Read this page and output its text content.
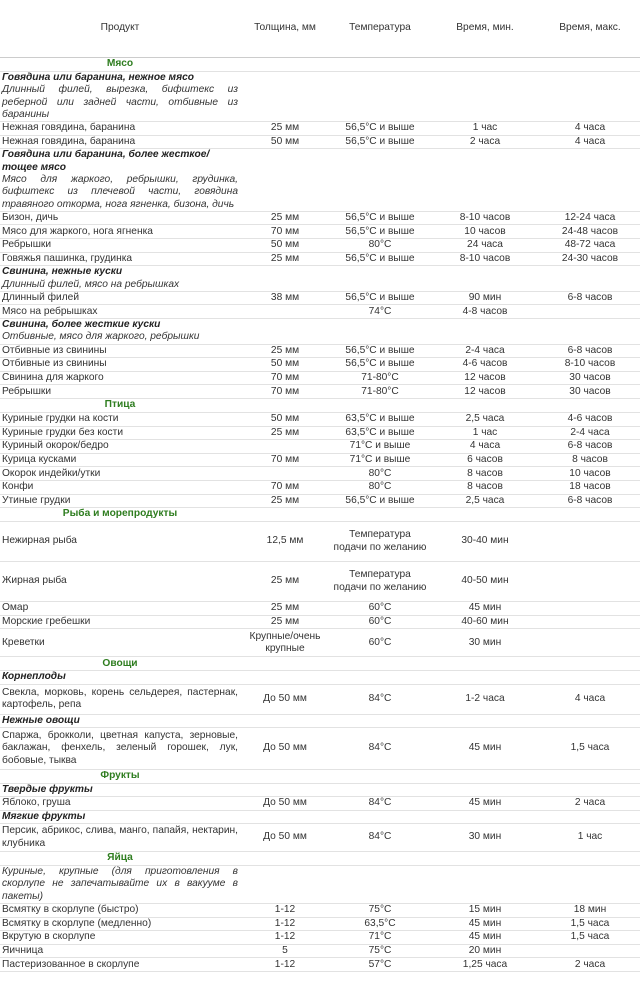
Продукт	Толщина, мм	Температура	Время, мин.	Время, макс.
Мясо				

Говядина или баранина, нежное мясо
Длинный филей, вырезка, бифштекс из реберной или задней части, отбивные из баранины				

Нежная говядина, баранина	25 мм	56,5°С и выше	1 час	4 часа
Нежная говядина, баранина	50 мм	56,5°С и выше	2 часа	4 часа

Говядина или баранина, более жесткое/ тощее мясо
Мясо для жаркого, ребрышки, грудинка, бифштекс из плечевой части, говядина травяного откорма, нога ягненка, бизона, дичь				

Бизон, дичь	25 мм	56,5°С и выше	8-10 часов	12-24 часа
Мясо для жаркого, нога ягненка	70 мм	56,5°С и выше	10 часов	24-48 часов
Ребрышки	50 мм	80°С	24 часа	48-72 часа
Говяжья пашинка, грудинка	25 мм	56,5°С и выше	8-10 часов	24-30 часов

Свинина, нежные куски
Длинный филей, мясо на ребрышках				

Длинный филей	38 мм	56,5°С и выше	90 мин	6-8 часов
Мясо на ребрышках		74°С	4-8 часов	

Свинина, более жесткие куски
Отбивные, мясо для жаркого, ребрышки				

Отбивные из свинины	25 мм	56,5°С и выше	2-4 часа	6-8 часов
Отбивные из свинины	50 мм	56,5°С и выше	4-6 часов	8-10 часов
Свинина для жаркого	70 мм	71-80°С	12 часов	30 часов
Ребрышки	70 мм	71-80°С	12 часов	30 часов
Птица				
Куриные грудки на кости	50 мм	63,5°С и выше	2,5 часа	4-6 часов
Куриные грудки без кости	25 мм	63,5°С и выше	1 час	2-4 часа
Куриный окорок/бедро		71°С и выше	4 часа	6-8 часов
Курица кусками	70 мм	71°С и выше	6 часов	8 часов
Окорок индейки/утки		80°С	8 часов	10 часов
Конфи	70 мм	80°С	8 часов	18 часов
Утиные грудки	25 мм	56,5°С и выше	2,5 часа	6-8 часов
Рыба и морепродукты				
Нежирная рыба	12,5 мм	Температура подачи по желанию	30-40 мин	
Жирная рыба	25 мм	Температура подачи по желанию	40-50 мин	
Омар	25 мм	60°С	45 мин	
Морские гребешки	25 мм	60°С	40-60 мин	
Креветки	Крупные/очень крупные	60°С	30 мин	
Овощи				

Корнеплоды				

Свекла, морковь, корень сельдерея, пастернак, картофель, репа	До 50 мм	84°С	1-2 часа	4 часа

Нежные овощи				

Спаржа, брокколи, цветная капуста, зерновые, баклажан, фенхель, зеленый горошек, лук, бобовые, тыква	До 50 мм	84°С	45 мин	1,5 часа
Фрукты				

Твердые фрукты				

Яблоко, груша	До 50 мм	84°С	45 мин	2 часа

Мягкие фрукты				

Персик, абрикос, слива, манго, папайя, нектарин, клубника	До 50 мм	84°С	30 мин	1 час
Яйца				

Куриные, крупные (для приготовления в скорлупе не запечатывайте их в вакууме в пакеты)				

Всмятку в скорлупе (быстро)	1-12	75°С	15 мин	18 мин
Всмятку в скорлупе (медленно)	1-12	63,5°С	45 мин	1,5 часа
Вкрутую в скорлупе	1-12	71°С	45 мин	1,5 часа
Яичница	5	75°С	20 мин	
Пастеризованное в скорлупе	1-12	57°С	1,25 часа	2 часа
